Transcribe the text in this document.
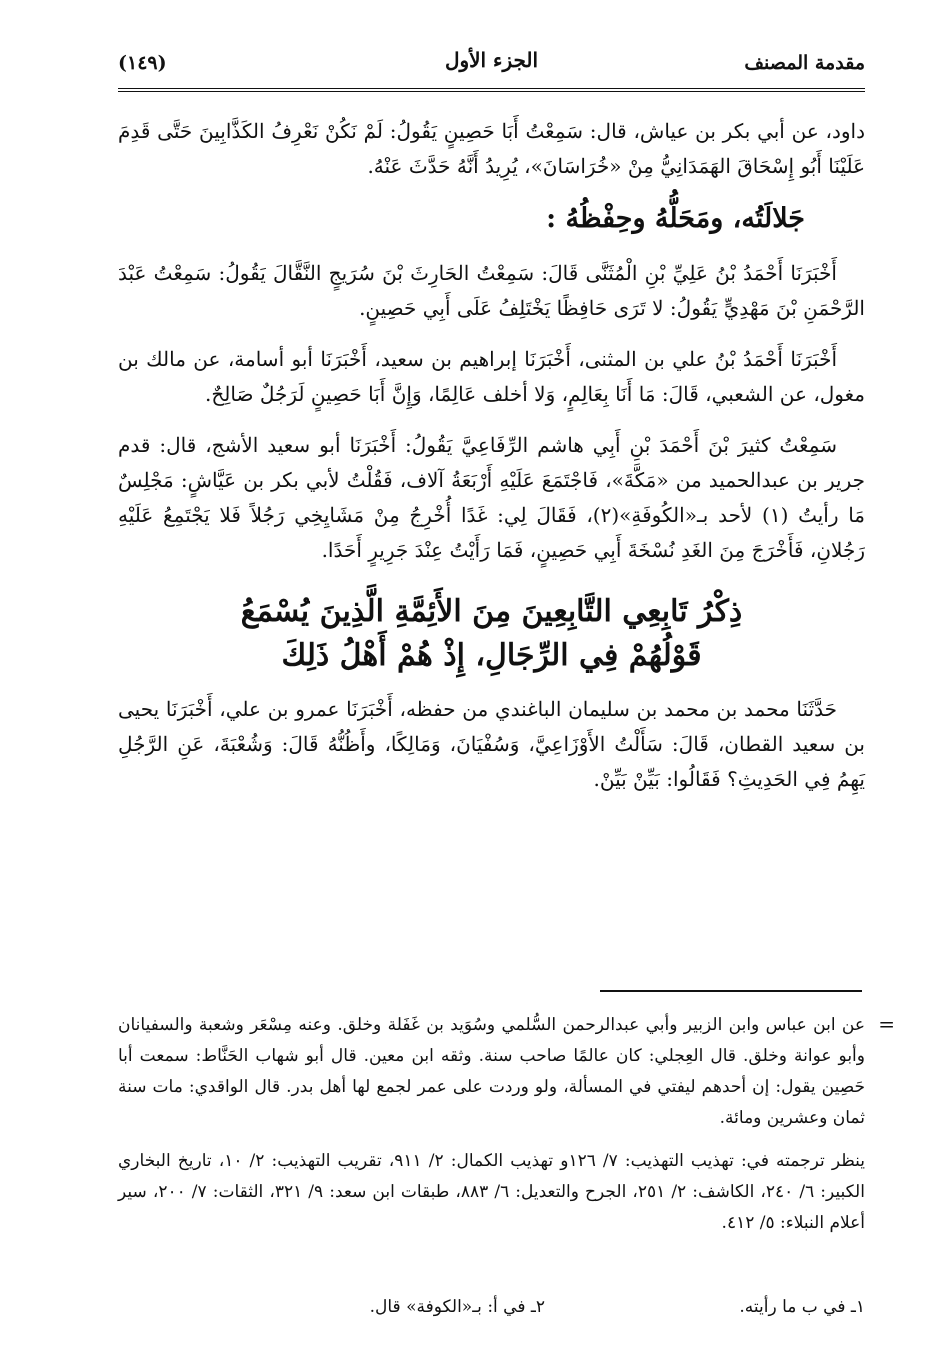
مقدمة المصنف
الجزء الأول
(١٤٩)

داود، عن أبي بكر بن عياش، قال: سَمِعْتُ أَبَا حَصِينٍ يَقُولُ: لَمْ نَكُنْ نَعْرِفُ الكَذَّابِينَ حَتَّى قَدِمَ عَلَيْنَا أَبُو إِسْحَاقَ الهَمَدَانِيُّ مِنْ «خُرَاسَانَ»، يُرِيدُ أَنَّهُ حَدَّثَ عَنْهُ.

جَلالَتُه، ومَحَلُّهُ وحِفْظُهُ :

أَخْبَرَنَا أَحْمَدُ بْنُ عَلِيِّ بْنِ الْمُثَنَّى قَالَ: سَمِعْتُ الحَارِثَ بْنَ سُرَيجٍ النَّقَّالَ يَقُولُ: سَمِعْتُ عَبْدَ الرَّحْمَنِ بْنَ مَهْدِيٍّ يَقُولُ: لا تَرَى حَافِظًا يَخْتَلِفُ عَلَى أَبِي حَصِينٍ.

أَخْبَرَنَا أَحْمَدُ بْنُ علي بن المثنى، أَخْبَرَنَا إبراهيم بن سعيد، أَخْبَرَنَا أبو أسامة، عن مالك بن مغول، عن الشعبي، قَالَ: مَا أَنَا بِعَالِمٍ، وَلا أخلف عَالِمًا، وَإِنَّ أَبَا حَصِينٍ لَرَجُلٌ صَالِحٌ.

سَمِعْتُ كثيرَ بْنَ أَحْمَدَ بْنِ أَبِي هاشم الرِّفَاعِيَّ يَقُولُ: أَخْبَرَنَا أبو سعيد الأشج، قال: قدم جرير بن عبدالحميد من «مَكَّةَ»، فَاجْتَمَعَ عَلَيْهِ أَرْبَعَةُ آلاف، فَقُلْتُ لأبي بكر بن عَيَّاشٍ: مَجْلِسٌ مَا رأيتُ (١) لأحد بـ«الكُوفَةِ»(٢)، فَقَالَ لِي: غَدًا أُخْرِجُ مِنْ مَشَايِخِي رَجُلاً فَلا يَجْتَمِعُ عَلَيْهِ رَجُلانِ، فَأَخْرَجَ مِنَ الغَدِ نُسْخَةَ أَبِي حَصِينٍ، فَمَا رَأَيْتُ عِنْدَ جَرِيرٍ أَحَدًا.

ذِكْرُ تَابِعِي التَّابِعِينَ مِنَ الأَئِمَّةِ الَّذِينَ يُسْمَعُ
قَوْلُهُمْ فِي الرِّجَالِ، إِذْ هُمْ أَهْلُ ذَلِكَ

حَدَّثَنَا محمد بن محمد بن سليمان الباغندي من حفظه، أَخْبَرَنَا عمرو بن علي، أَخْبَرَنَا يحيى بن سعيد القطان، قَالَ: سَأَلْتُ الأَوْزَاعِيَّ، وَسُفْيَانَ، وَمَالِكًا، وأَظُنُّهُ قَالَ: وَشُعْبَةَ، عَنِ الرَّجُلِ يَهِمُ فِي الحَدِيثِ؟ فَقَالُوا: بَيِّنْ بَيِّنْ.

=

عن ابن عباس وابن الزبير وأبي عبدالرحمن السُّلمي وسُوَيد بن غَفَلة وخلق. وعنه مِسْعَر وشعبة والسفيانان وأبو عوانة وخلق. قال العِجلي: كان عالمًا صاحب سنة. وثقه ابن معين. قال أبو شهاب الحَنَّاط: سمعت أبا حَصِين يقول: إن أحدهم ليفتي في المسألة، ولو وردت على عمر لجمع لها أهل بدر. قال الواقدي: مات سنة ثمان وعشرين ومائة.

ينظر ترجمته في: تهذيب التهذيب: ٧/ ١٢٦و تهذيب الكمال: ٢/ ٩١١، تقريب التهذيب: ٢/ ١٠، تاريخ البخاري الكبير: ٦/ ٢٤٠، الكاشف: ٢/ ٢٥١، الجرح والتعديل: ٦/ ٨٨٣، طبقات ابن سعد: ٩/ ٣٢١، الثقات: ٧/ ٢٠٠، سير أعلام النبلاء: ٥/ ٤١٢.

١ـ في ب ما رأيته.
٢ـ في أ: بـ«الكوفة» قال.
